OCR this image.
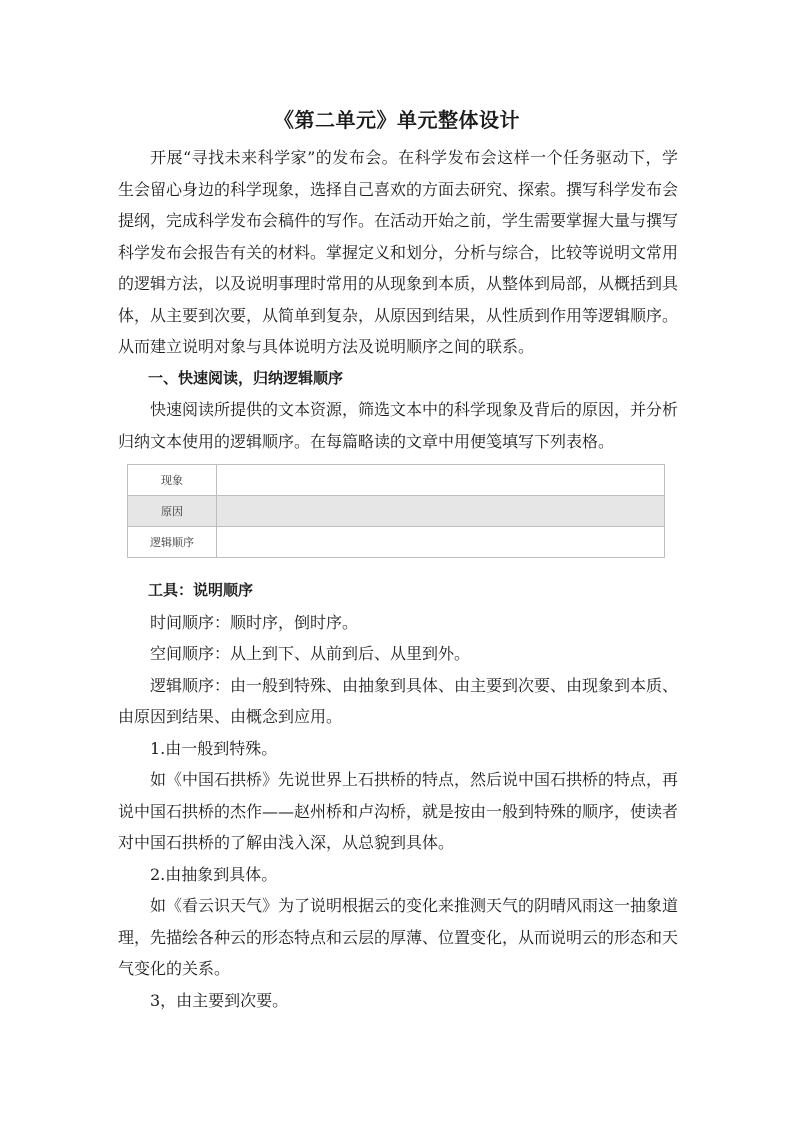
《第二单元》单元整体设计

开展“寻找未来科学家”的发布会。在科学发布会这样一个任务驱动下，学生会留心身边的科学现象，选择自己喜欢的方面去研究、探索。撰写科学发布会提纲，完成科学发布会稿件的写作。在活动开始之前，学生需要掌握大量与撰写科学发布会报告有关的材料。掌握定义和划分，分析与综合，比较等说明文常用的逻辑方法，以及说明事理时常用的从现象到本质，从整体到局部，从概括到具体，从主要到次要，从简单到复杂，从原因到结果，从性质到作用等逻辑顺序。从而建立说明对象与具体说明方法及说明顺序之间的联系。

一、快速阅读，归纳逻辑顺序

快速阅读所提供的文本资源，筛选文本中的科学现象及背后的原因，并分析归纳文本使用的逻辑顺序。在每篇略读的文章中用便笺填写下列表格。

现象	
原因	
逻辑顺序	

工具：说明顺序

时间顺序：顺时序，倒时序。

空间顺序：从上到下、从前到后、从里到外。

逻辑顺序：由一般到特殊、由抽象到具体、由主要到次要、由现象到本质、由原因到结果、由概念到应用。

1.由一般到特殊。

如《中国石拱桥》先说世界上石拱桥的特点，然后说中国石拱桥的特点，再说中国石拱桥的杰作——赵州桥和卢沟桥，就是按由一般到特殊的顺序，使读者对中国石拱桥的了解由浅入深，从总貌到具体。

2.由抽象到具体。

如《看云识天气》为了说明根据云的变化来推测天气的阴晴风雨这一抽象道理，先描绘各种云的形态特点和云层的厚薄、位置变化，从而说明云的形态和天气变化的关系。

3，由主要到次要。
